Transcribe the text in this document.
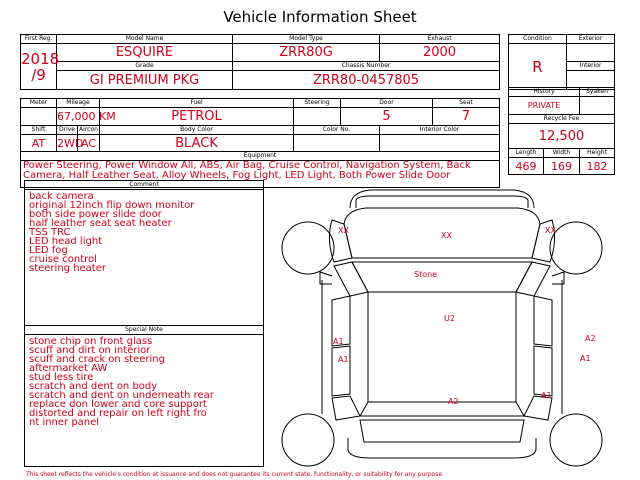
Vehicle Information Sheet
First Reg.	Model Name			Model Type			Exhaust	

2018
/9	ESQUIRE			ZRR80G			2000	
	Grade			Chassis Number				
	GI PREMIUM PKG			ZRR80-0457805				

Meter	Mileage		Fuel		Steering	Door		Seat
	67,000 KM		PETROL			5		7
Shift	Drive	Aircon	Body Color		Color No.		Interior Color	
AT	2WD	AC	BLACK					
Equipment								
Power Steering, Power Window All, ABS, Air Bag, Cruise Control, Navigation System, Back Camera, Half Leather Seat, Alloy Wheels, Fog Light, LED Light, Both Power Slide Door								
Condition	Exterior
R	
	Interior

History		Syaken
PRIVATE		
Recycle Fee		
12,500		
Length	Width	Height
469	169	182
Comment
back camera
original 12inch flip down monitor
both side power slide door
half leather seat seat heater
TSS TRC
LED head light
LED fog
cruise control
steering heater
Special Note
stone chip on front glass
scuff and dirt on interior
scuff and crack on steering
aftermarket AW
stud less tire
scratch and dent on body
scratch and dent on underneath rear
replace don lower and core support
distorted and repair on left right fro
nt inner panel
XX
XX
XX
Stone
U2
A1
A1
A2
A1
A2
A1
This sheet reflects the vehicle's condition at issuance and does not guarantee its current state, functionality, or suitability for any purpose
